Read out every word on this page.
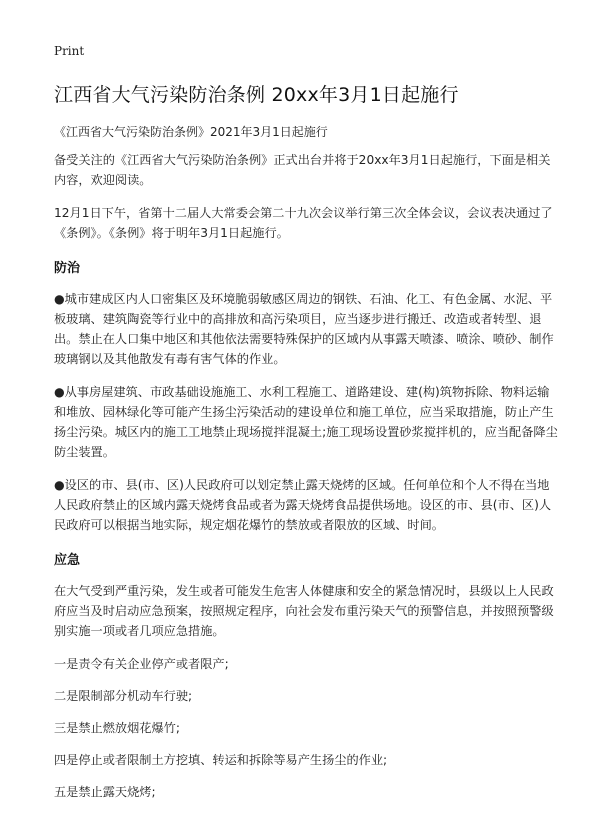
Print
江西省大气污染防治条例 20xx年3月1日起施行
《江西省大气污染防治条例》2021年3月1日起施行

备受关注的《江西省大气污染防治条例》正式出台并将于20xx年3月1日起施行，下面是相关内容，欢迎阅读。

12月1日下午，省第十二届人大常委会第二十九次会议举行第三次全体会议，会议表决通过了《条例》。《条例》将于明年3月1日起施行。

防治

●城市建成区内人口密集区及环境脆弱敏感区周边的钢铁、石油、化工、有色金属、水泥、平板玻璃、建筑陶瓷等行业中的高排放和高污染项目，应当逐步进行搬迁、改造或者转型、退出。禁止在人口集中地区和其他依法需要特殊保护的区域内从事露天喷漆、喷涂、喷砂、制作玻璃钢以及其他散发有毒有害气体的作业。

●从事房屋建筑、市政基础设施施工、水利工程施工、道路建设、建(构)筑物拆除、物料运输和堆放、园林绿化等可能产生扬尘污染活动的建设单位和施工单位，应当采取措施，防止产生扬尘污染。城区内的施工工地禁止现场搅拌混凝土;施工现场设置砂浆搅拌机的，应当配备降尘防尘装置。

●设区的市、县(市、区)人民政府可以划定禁止露天烧烤的区域。任何单位和个人不得在当地人民政府禁止的区域内露天烧烤食品或者为露天烧烤食品提供场地。设区的市、县(市、区)人民政府可以根据当地实际，规定烟花爆竹的禁放或者限放的区域、时间。

应急

在大气受到严重污染，发生或者可能发生危害人体健康和安全的紧急情况时，县级以上人民政府应当及时启动应急预案，按照规定程序，向社会发布重污染天气的预警信息，并按照预警级别实施一项或者几项应急措施。

一是责令有关企业停产或者限产;

二是限制部分机动车行驶;

三是禁止燃放烟花爆竹;

四是停止或者限制土方挖填、转运和拆除等易产生扬尘的作业;

五是禁止露天烧烤;
